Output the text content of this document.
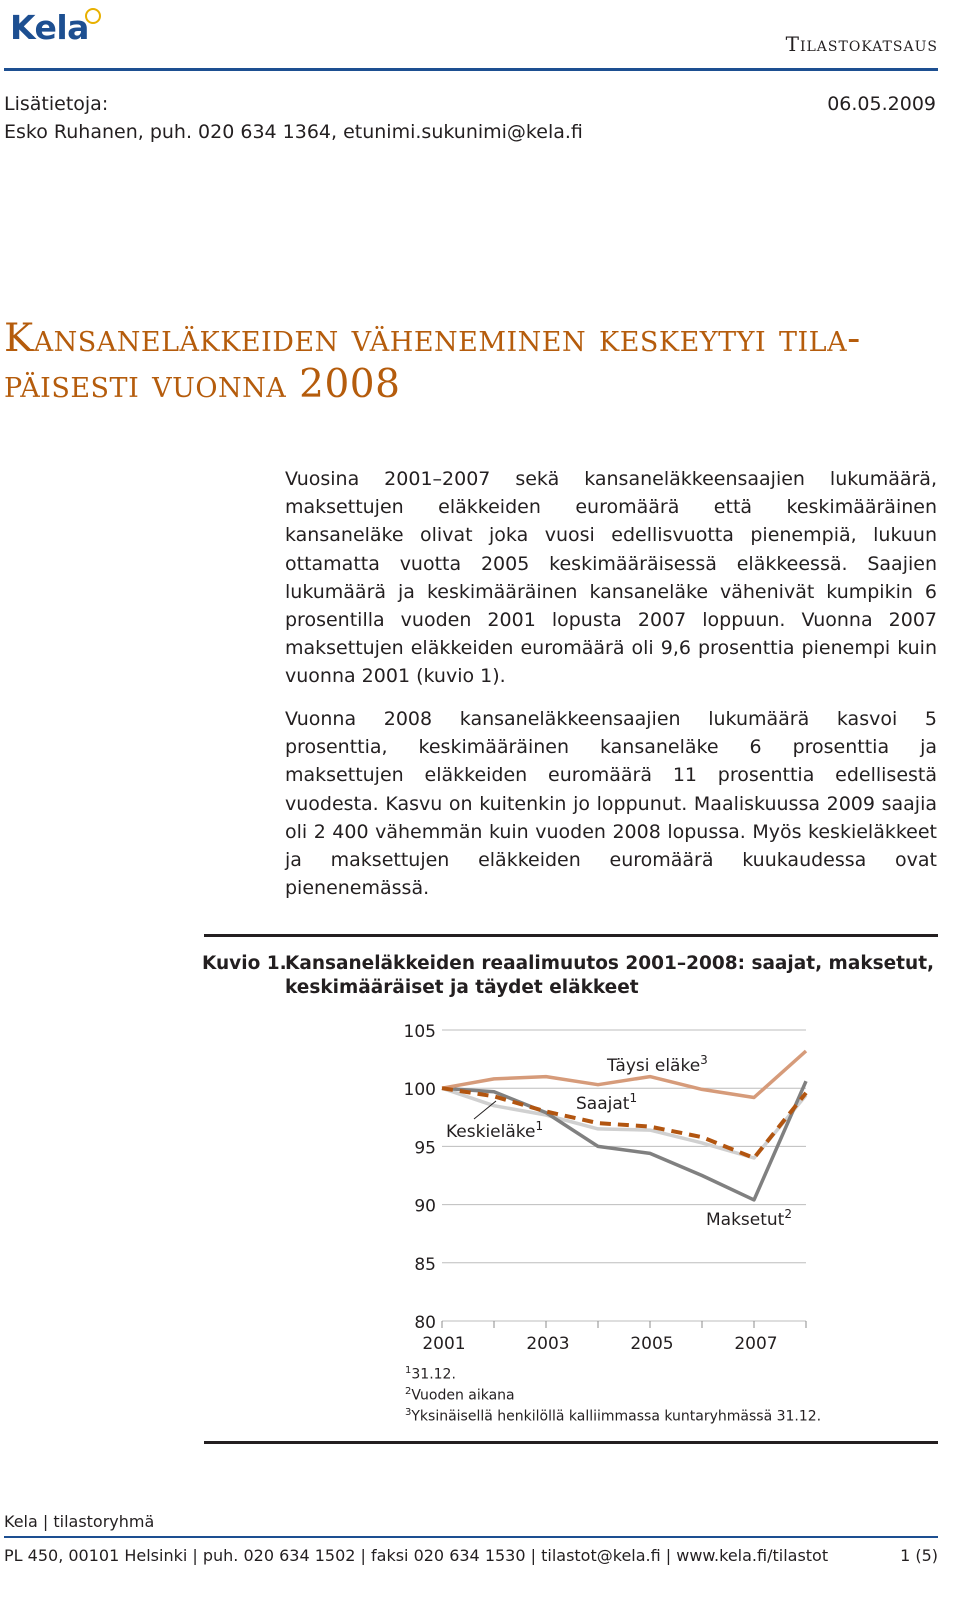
Kela	Tilastokatsaus
Lisätietoja:
Esko Ruhanen, puh. 020 634 1364, etunimi.sukunimi@kela.fi
06.05.2009
Kansaneläkkeiden väheneminen keskeytyi tila-päisesti vuonna 2008
Vuosina 2001–2007 sekä kansaneläkkeensaajien lukumäärä, maksettujen eläkkeiden euromäärä että keskimääräinen kansaneläke olivat joka vuosi edellisvuotta pienempiä, lukuun ottamatta vuotta 2005 keskimääräisessä eläkkeessä. Saajien lukumäärä ja keskimääräinen kansaneläke vähenivät kumpikin 6 prosentilla vuoden 2001 lopusta 2007 loppuun. Vuonna 2007 maksettujen eläkkeiden euromäärä oli 9,6 prosenttia pienempi kuin vuonna 2001 (kuvio 1).
Vuonna 2008 kansaneläkkeensaajien lukumäärä kasvoi 5 prosenttia, keskimääräinen kansaneläke 6 prosenttia ja maksettujen eläkkeiden euromäärä 11 prosenttia edellisestä vuodesta. Kasvu on kuitenkin jo loppunut. Maaliskuussa 2009 saajia oli 2 400 vähemmän kuin vuoden 2008 lopussa. Myös keskieläkkeet ja maksettujen eläkkeiden euromäärä kuukaudessa ovat pienenemässä.
Kuvio 1.
Kansaneläkkeiden reaalimuutos 2001–2008: saajat, maksetut, keskimääräiset ja täydet eläkkeet
80
85
90
95
100
105
2001	2003	2005	2007
Täysi eläke$^3$
Saajat$^1$
Keskieläke$^1$
Maksetut$^2$
$^1$31.12.
$^2$Vuoden aikana
$^3$Yksinäisellä henkilöllä kalliimmassa kuntaryhmässä 31.12.
Kela | tilastoryhmä
PL 450, 00101 Helsinki | puh. 020 634 1502 | faksi 020 634 1530 | tilastot@kela.fi | www.kela.fi/tilastot	1 (5)
